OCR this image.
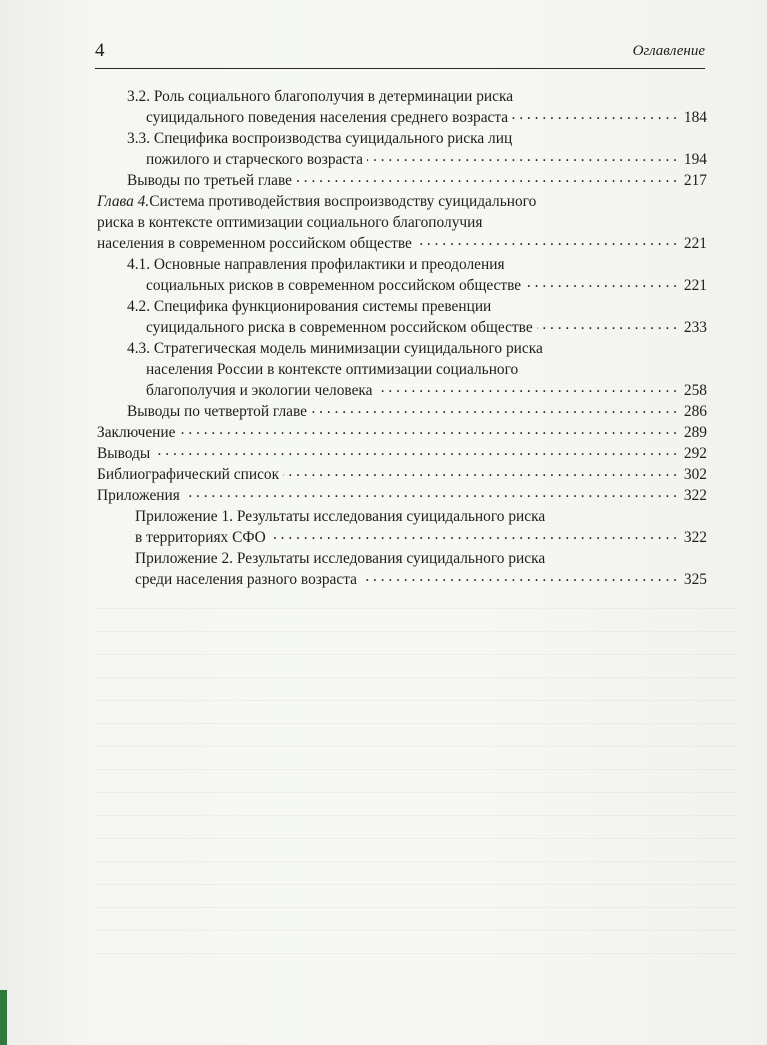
4	Оглавление
3.2. Роль социального благополучия в детерминации риска
суицидального поведения населения среднего возраста . . .	184
3.3. Специфика воспроизводства суицидального риска лиц
пожилого и старческого возраста . . .	194
Выводы по третьей главе . . .	217
Глава 4. Система противодействия воспроизводству суицидального
риска в контексте оптимизации социального благополучия
населения в современном российском обществе . . .	221
4.1. Основные направления профилактики и преодоления
социальных рисков в современном российском обществе . . .	221
4.2. Специфика функционирования системы превенции
суицидального риска в современном российском обществе . . .	233
4.3. Стратегическая модель минимизации суицидального риска
населения России в контексте оптимизации социального
благополучия и экологии человека . . .	258
Выводы по четвертой главе . . .	286
Заключение . . .	289
Выводы . . .	292
Библиографический список . . .	302
Приложения . . .	322
Приложение 1. Результаты исследования суицидального риска
в территориях СФО . . .	322
Приложение 2. Результаты исследования суицидального риска
среди населения разного возраста . . .	325
